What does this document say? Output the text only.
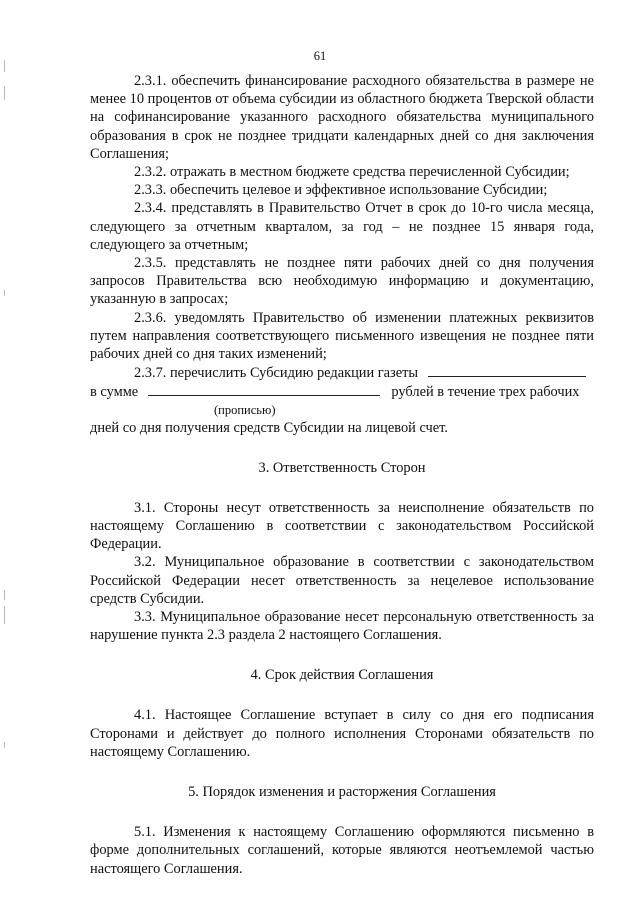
61

2.3.1. обеспечить финансирование расходного обязательства в размере не менее 10 процентов от объема субсидии из областного бюджета Тверской области на софинансирование указанного расходного обязательства муниципального образования в срок не позднее тридцати календарных дней со дня заключения Соглашения;

2.3.2. отражать в местном бюджете средства перечисленной Субсидии;

2.3.3. обеспечить целевое и эффективное использование Субсидии;

2.3.4. представлять в Правительство Отчет в срок до 10-го числа месяца, следующего за отчетным кварталом, за год – не позднее 15 января года, следующего за отчетным;

2.3.5. представлять не позднее пяти рабочих дней со дня получения запросов Правительства всю необходимую информацию и документацию, указанную в запросах;

2.3.6. уведомлять Правительство об изменении платежных реквизитов путем направления соответствующего письменного извещения не позднее пяти рабочих дней со дня таких изменений;

2.3.7. перечислить Субсидию редакции газеты
в сумме	рублей в течение трех рабочих
(прописью)

дней со дня получения средств Субсидии на лицевой счет.

3. Ответственность Сторон

3.1. Стороны несут ответственность за неисполнение обязательств по настоящему Соглашению в соответствии с законодательством Российской Федерации.

3.2. Муниципальное образование в соответствии с законодательством Российской Федерации несет ответственность за нецелевое использование средств Субсидии.

3.3. Муниципальное образование несет персональную ответственность за нарушение пункта 2.3 раздела 2 настоящего Соглашения.

4. Срок действия Соглашения

4.1. Настоящее Соглашение вступает в силу со дня его подписания Сторонами и действует до полного исполнения Сторонами обязательств по настоящему Соглашению.

5. Порядок изменения и расторжения Соглашения

5.1. Изменения к настоящему Соглашению оформляются письменно в форме дополнительных соглашений, которые являются неотъемлемой частью настоящего Соглашения.
